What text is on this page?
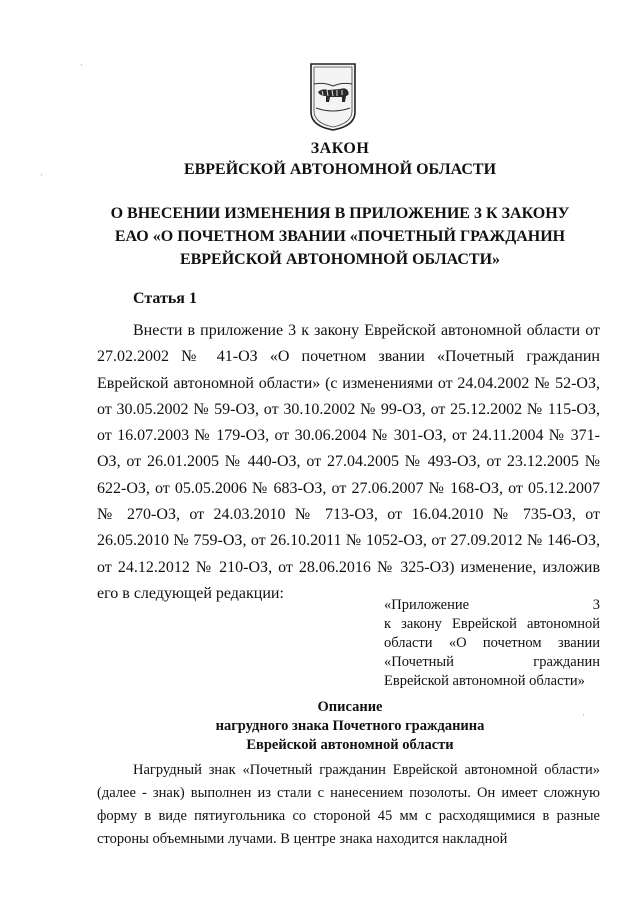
ЗАКОН
ЕВРЕЙСКОЙ АВТОНОМНОЙ ОБЛАСТИ
О ВНЕСЕНИИ ИЗМЕНЕНИЯ В ПРИЛОЖЕНИЕ 3 К ЗАКОНУ ЕАО «О ПОЧЕТНОМ ЗВАНИИ «ПОЧЕТНЫЙ ГРАЖДАНИН ЕВРЕЙСКОЙ АВТОНОМНОЙ ОБЛАСТИ»
Статья 1
Внести в приложение 3 к закону Еврейской автономной области от 27.02.2002 № 41-ОЗ «О почетном звании «Почетный гражданин Еврейской автономной области» (с изменениями от 24.04.2002 № 52-ОЗ, от 30.05.2002 № 59-ОЗ, от 30.10.2002 № 99-ОЗ, от 25.12.2002 № 115-ОЗ, от 16.07.2003 № 179-ОЗ, от 30.06.2004 № 301-ОЗ, от 24.11.2004 № 371-ОЗ, от 26.01.2005 № 440-ОЗ, от 27.04.2005 № 493-ОЗ, от 23.12.2005 № 622-ОЗ, от 05.05.2006 № 683-ОЗ, от 27.06.2007 № 168-ОЗ, от 05.12.2007 № 270-ОЗ, от 24.03.2010 № 713-ОЗ, от 16.04.2010 № 735-ОЗ, от 26.05.2010 № 759-ОЗ, от 26.10.2011 № 1052-ОЗ, от 27.09.2012 № 146-ОЗ, от 24.12.2012 № 210-ОЗ, от 28.06.2016 № 325-ОЗ) изменение, изложив его в следующей редакции:
«Приложение 3
к закону Еврейской автономной
области «О почетном звании
«Почетный гражданин
Еврейской автономной области»
Описание
нагрудного знака Почетного гражданина
Еврейской автономной области
Нагрудный знак «Почетный гражданин Еврейской автономной области» (далее - знак) выполнен из стали с нанесением позолоты. Он имеет сложную форму в виде пятиугольника со стороной 45 мм с расходящимися в разные стороны объемными лучами. В центре знака находится накладной
·
·
·
